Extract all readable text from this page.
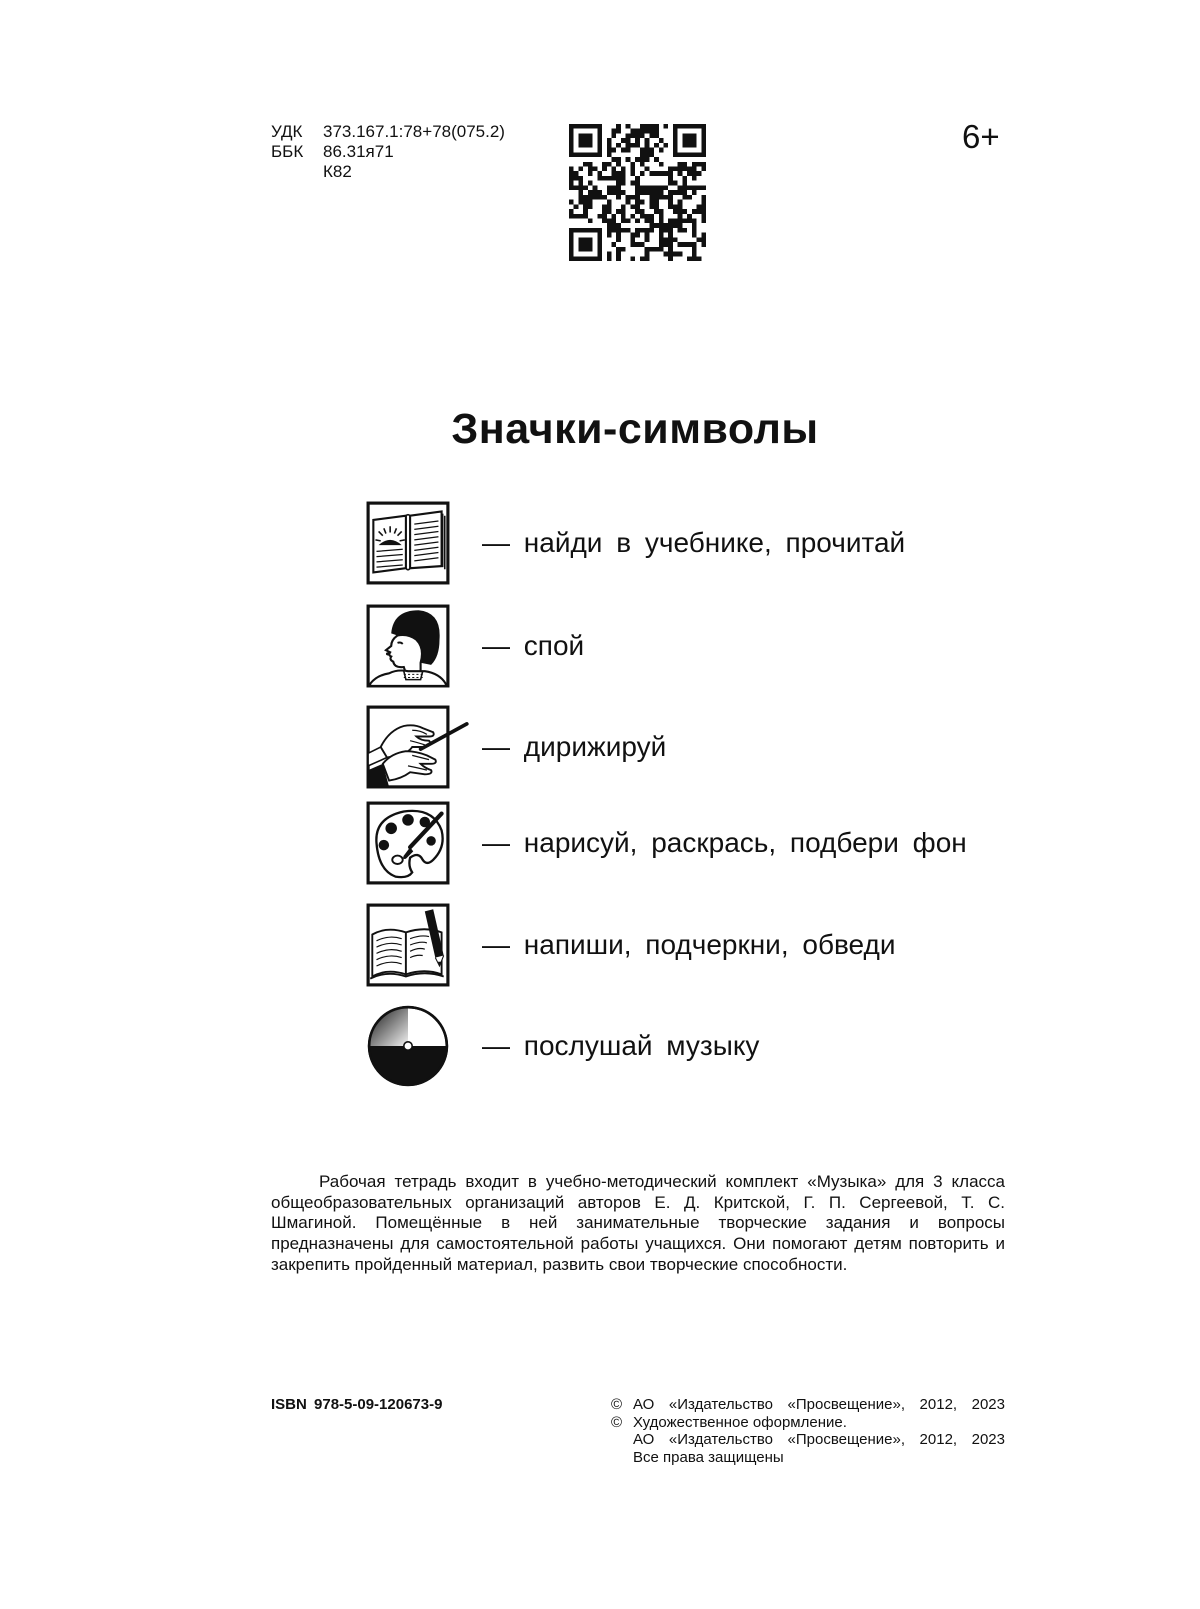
УДК	373.167.1:78+78(075.2)
ББК	86.31я71
К82
6+
Значки-символы
— найди в учебнике, прочитай
— спой
— дирижируй
— нарисуй, раскрась, подбери фон
— напиши, подчеркни, обведи
— послушай музыку

Рабочая тетрадь входит в учебно-методический комплект «Музыка» для 3 класса общеобразовательных организаций авторов Е. Д. Критской, Г. П. Сергеевой, Т. С. Шмагиной. Помещённые в ней занимательные творческие задания и вопросы предназначены для самостоятельной работы учащихся. Они помогают детям повторить и закрепить пройденный материал, развить свои творческие способности.

ISBN 978-5-09-120673-9	© АО «Издательство «Просвещение», 2012, 2023
© Художественное оформление.
АО «Издательство «Просвещение», 2012, 2023
Все права защищены
